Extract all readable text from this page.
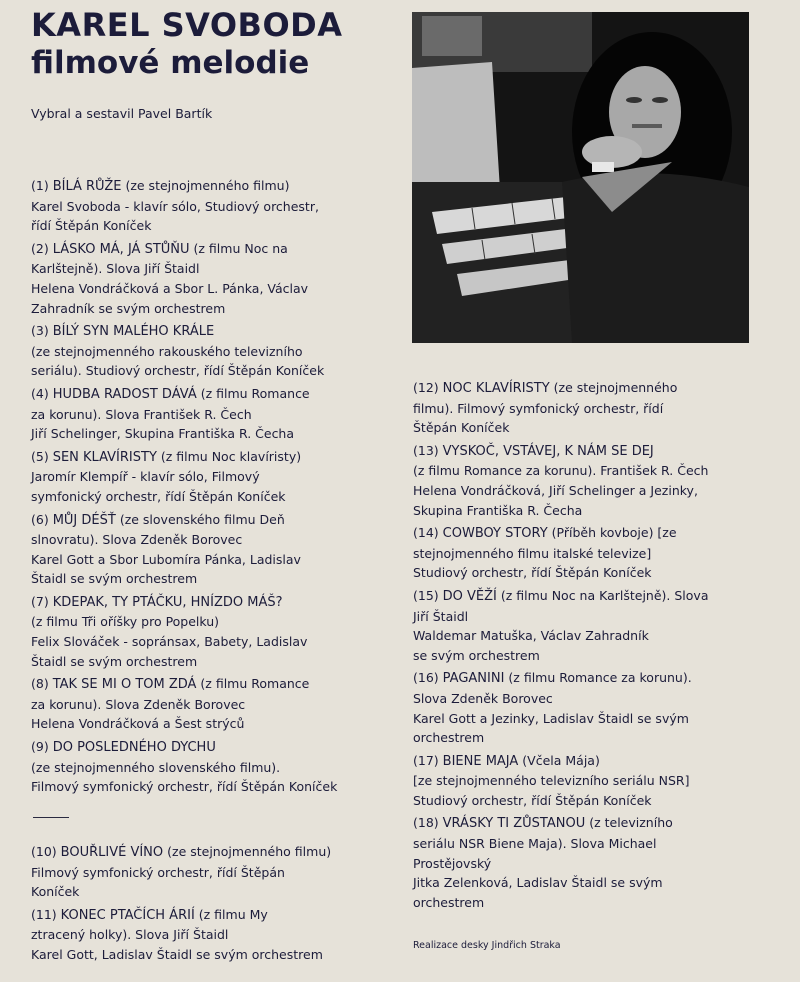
KAREL SVOBODA
filmové melodie
Vybral a sestavil Pavel Bartík
(1) BÍLÁ RŮŽE (ze stejnojmenného filmu)
Karel Svoboda - klavír sólo, Studiový orchestr,
řídí Štěpán Koníček
(2) LÁSKO MÁ, JÁ STŮŇU (z filmu Noc na
Karlštejně). Slova Jiří Štaidl
Helena Vondráčková a Sbor L. Pánka, Václav
Zahradník se svým orchestrem
(3) BÍLÝ SYN MALÉHO KRÁLE
(ze stejnojmenného rakouského televizního
seriálu). Studiový orchestr, řídí Štěpán Koníček
(4) HUDBA RADOST DÁVÁ (z filmu Romance
za korunu). Slova František R. Čech
Jiří Schelinger, Skupina Františka R. Čecha
(5) SEN KLAVÍRISTY (z filmu Noc klavíristy)
Jaromír Klempíř - klavír sólo, Filmový
symfonický orchestr, řídí Štěpán Koníček
(6) MŮJ DÉŠŤ (ze slovenského filmu Deň
slnovratu). Slova Zdeněk Borovec
Karel Gott a Sbor Lubomíra Pánka, Ladislav
Štaidl se svým orchestrem
(7) KDEPAK, TY PTÁČKU, HNÍZDO MÁŠ?
(z filmu Tři oříšky pro Popelku)
Felix Slováček - sopránsax, Babety, Ladislav
Štaidl se svým orchestrem
(8) TAK SE MI O TOM ZDÁ (z filmu Romance
za korunu). Slova Zdeněk Borovec
Helena Vondráčková a Šest strýců
(9) DO POSLEDNÉHO DYCHU
(ze stejnojmenného slovenského filmu).
Filmový symfonický orchestr, řídí Štěpán Koníček
(10) BOUŘLIVÉ VÍNO (ze stejnojmenného filmu)
Filmový symfonický orchestr, řídí Štěpán
Koníček
(11) KONEC PTAČÍCH ÁRIÍ (z filmu My
ztracený holky). Slova Jiří Štaidl
Karel Gott, Ladislav Štaidl se svým orchestrem
(12) NOC KLAVÍRISTY (ze stejnojmenného
filmu). Filmový symfonický orchestr, řídí
Štěpán Koníček
(13) VYSKOČ, VSTÁVEJ, K NÁM SE DEJ
(z filmu Romance za korunu). František R. Čech
Helena Vondráčková, Jiří Schelinger a Jezinky,
Skupina Františka R. Čecha
(14) COWBOY STORY (Příběh kovboje) [ze
stejnojmenného filmu italské televize]
Studiový orchestr, řídí Štěpán Koníček
(15) DO VĚŽÍ (z filmu Noc na Karlštejně). Slova
Jiří Štaidl
Waldemar Matuška, Václav Zahradník
se svým orchestrem
(16) PAGANINI (z filmu Romance za korunu).
Slova Zdeněk Borovec
Karel Gott a Jezinky, Ladislav Štaidl se svým
orchestrem
(17) BIENE MAJA (Včela Mája)
[ze stejnojmenného televizního seriálu NSR]
Studiový orchestr, řídí Štěpán Koníček
(18) VRÁSKY TI ZŮSTANOU (z televizního
seriálu NSR Biene Maja). Slova Michael
Prostějovský
Jitka Zelenková, Ladislav Štaidl se svým
orchestrem
Realizace desky Jindřich Straka
